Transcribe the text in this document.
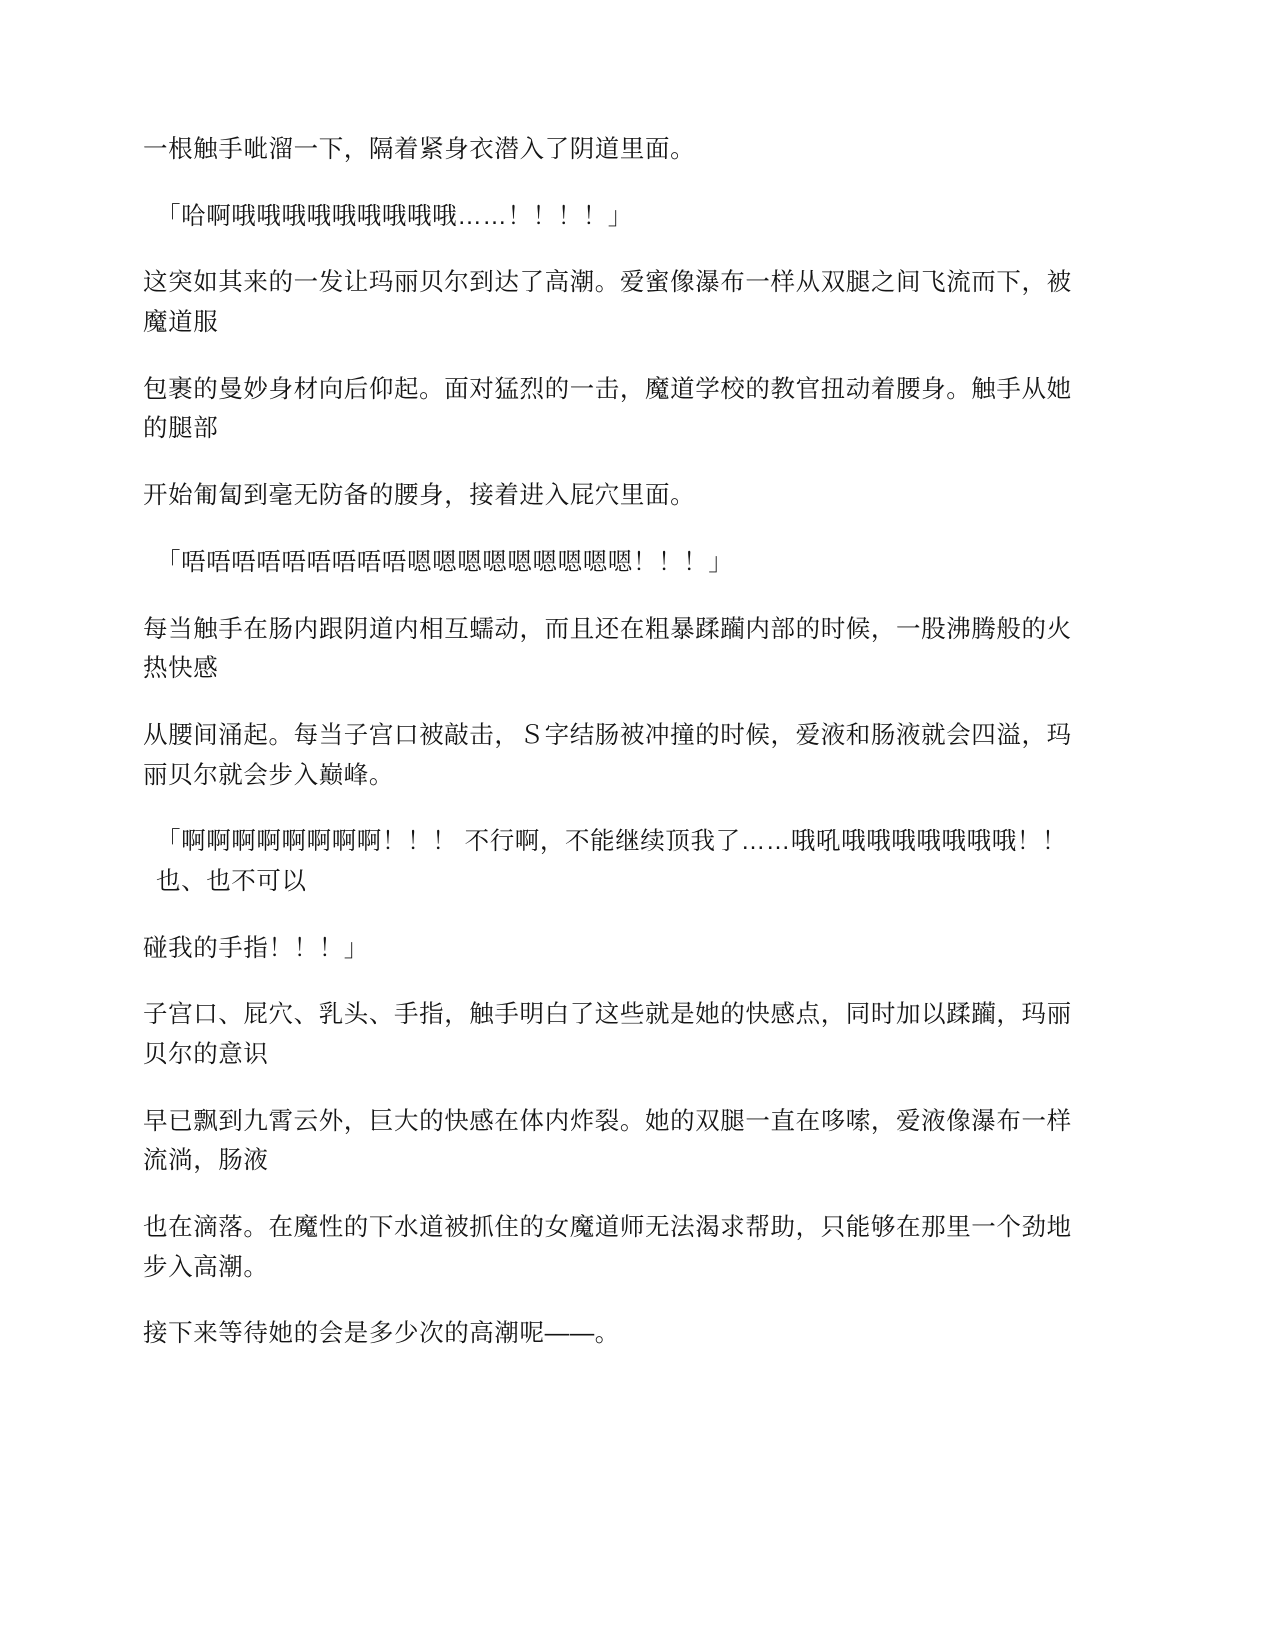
一根触手呲溜一下，隔着紧身衣潜入了阴道里面。

「哈啊哦哦哦哦哦哦哦哦哦……！！！！」

这突如其来的一发让玛丽贝尔到达了高潮。爱蜜像瀑布一样从双腿之间飞流而下，被魔道服

包裹的曼妙身材向后仰起。面对猛烈的一击，魔道学校的教官扭动着腰身。触手从她的腿部

开始匍匐到毫无防备的腰身，接着进入屁穴里面。

「唔唔唔唔唔唔唔唔唔嗯嗯嗯嗯嗯嗯嗯嗯嗯！！！」

每当触手在肠内跟阴道内相互蠕动，而且还在粗暴蹂躏内部的时候，一股沸腾般的火热快感

从腰间涌起。每当子宫口被敲击，Ｓ字结肠被冲撞的时候，爱液和肠液就会四溢，玛丽贝尔就会步入巅峰。

「啊啊啊啊啊啊啊啊！！！ 不行啊，不能继续顶我了……哦吼哦哦哦哦哦哦哦！！ 也、也不可以

碰我的手指！！！」

子宫口、屁穴、乳头、手指，触手明白了这些就是她的快感点，同时加以蹂躏，玛丽贝尔的意识

早已飘到九霄云外，巨大的快感在体内炸裂。她的双腿一直在哆嗦，爱液像瀑布一样流淌，肠液

也在滴落。在魔性的下水道被抓住的女魔道师无法渴求帮助，只能够在那里一个劲地步入高潮。

接下来等待她的会是多少次的高潮呢——。
